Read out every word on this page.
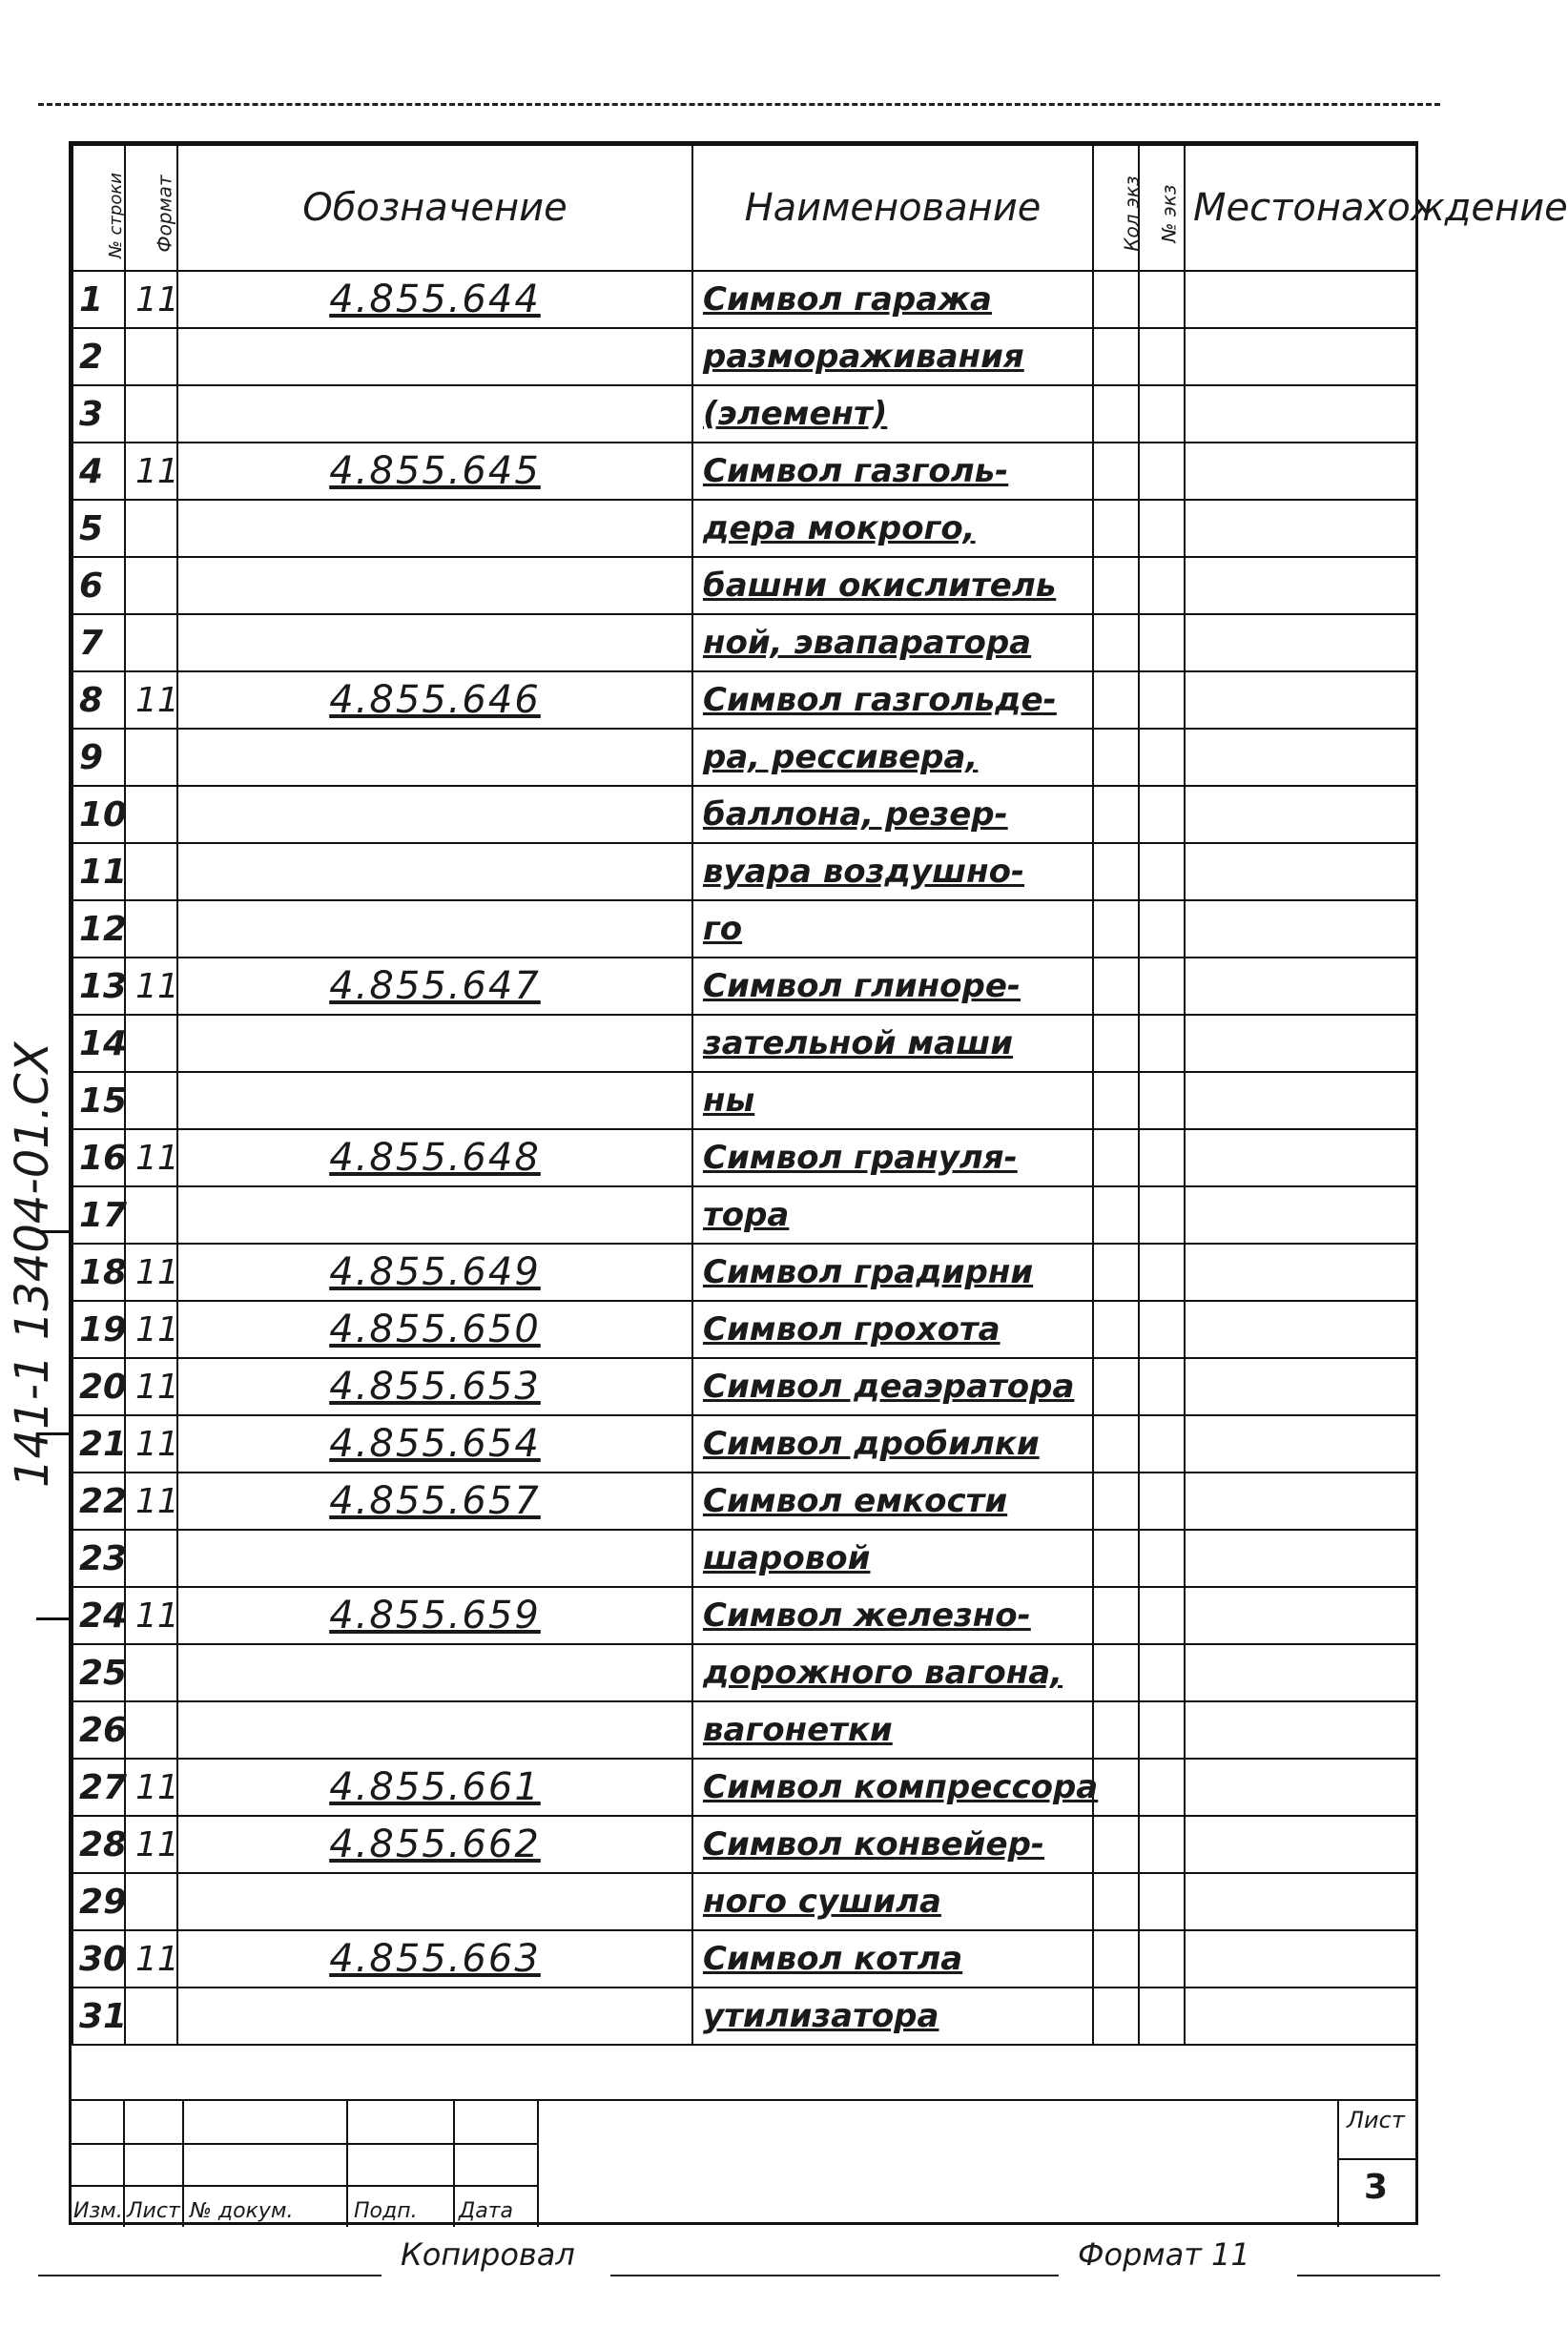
141-1 13404-01.CX
№ строки	Формат	Обозначение	Наименование	Кол экз	№ экз	Местонахождение
1	11	4.855.644	Символ гаража			
2			размораживания			
3			(элемент)			
4	11	4.855.645	Символ газголь-			
5			дера мокрого,			
6			башни окислитель			
7			ной, эвапаратора			
8	11	4.855.646	Символ газгольде-			
9			ра, рессивера,			
10			баллона, резер-			
11			вуара воздушно-			
12			го			
13	11	4.855.647	Символ глиноре-			
14			зательной маши			
15			ны			
16	11	4.855.648	Символ грануля-			
17			тора			
18	11	4.855.649	Символ градирни			
19	11	4.855.650	Символ грохота			
20	11	4.855.653	Символ деаэратора			
21	11	4.855.654	Символ дробилки			
22	11	4.855.657	Символ емкости			
23			шаровой			
24	11	4.855.659	Символ железно-			
25			дорожного вагона,			
26			вагонетки			
27	11	4.855.661	Символ компрессора			
28	11	4.855.662	Символ конвейер-			
29			ного сушила			
30	11	4.855.663	Символ котла			
31			утилизатора			
Изм. Лист № докум.	Подп. Дата
Лист
3
Копировал	Формат 11
